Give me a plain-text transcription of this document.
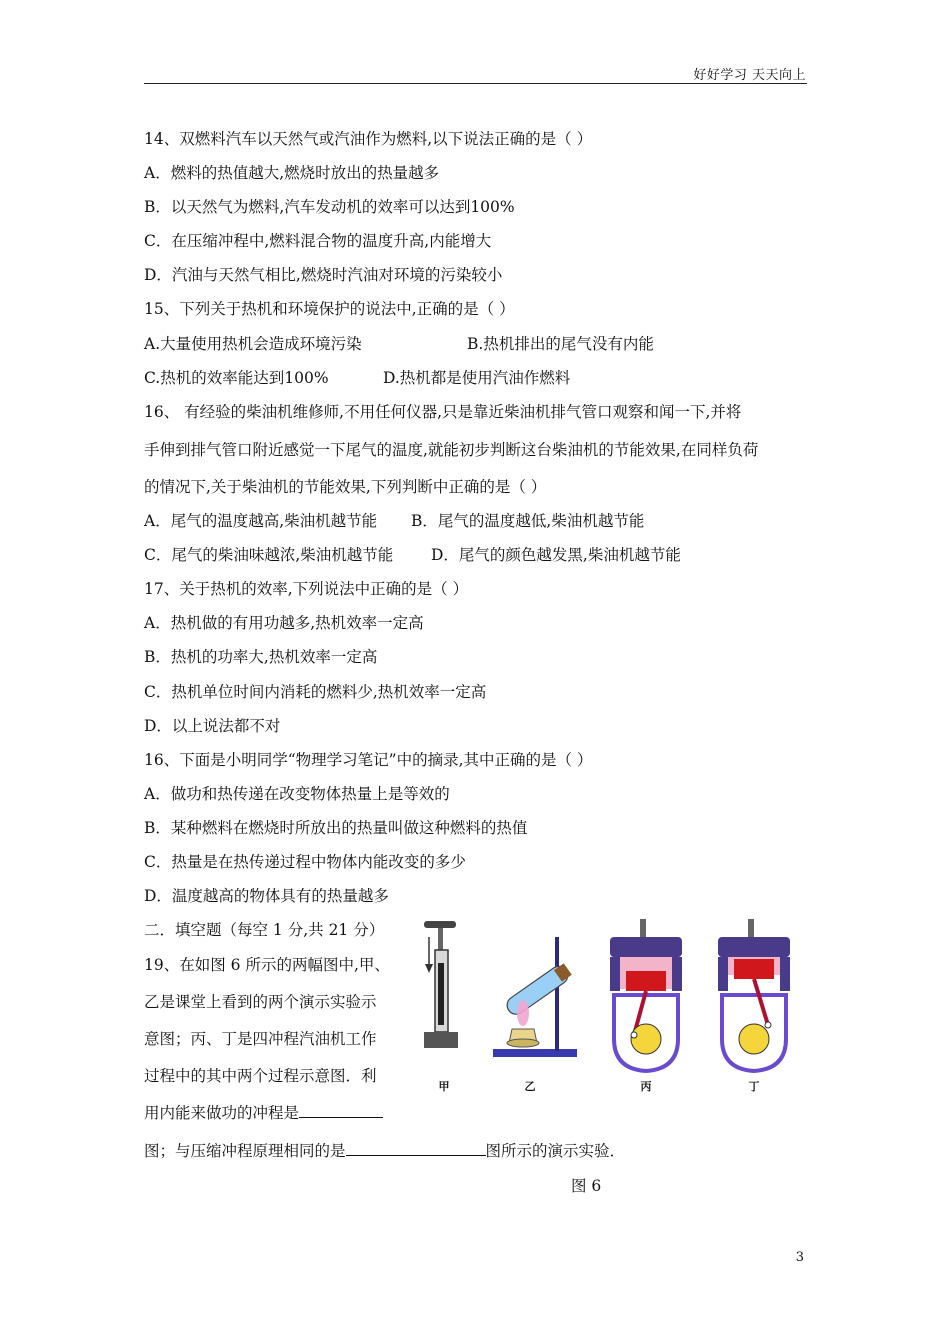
好好学习 天天向上
14、双燃料汽车以天然气或汽油作为燃料,以下说法正确的是（ ）
A．燃料的热值越大,燃烧时放出的热量越多
B．以天然气为燃料,汽车发动机的效率可以达到100%
C．在压缩冲程中,燃料混合物的温度升高,内能增大
D．汽油与天然气相比,燃烧时汽油对环境的污染较小
15、下列关于热机和环境保护的说法中,正确的是（ ）
A.大量使用热机会造成环境污染	B.热机排出的尾气没有内能
C.热机的效率能达到100%	D.热机都是使用汽油作燃料
16、 有经验的柴油机维修师,不用任何仪器,只是靠近柴油机排气管口观察和闻一下,并将
手伸到排气管口附近感觉一下尾气的温度,就能初步判断这台柴油机的节能效果,在同样负荷
的情况下,关于柴油机的节能效果,下列判断中正确的是（ ）
A．尾气的温度越高,柴油机越节能 B．尾气的温度越低,柴油机越节能
C．尾气的柴油味越浓,柴油机越节能 D．尾气的颜色越发黑,柴油机越节能
17、关于热机的效率,下列说法中正确的是（ ）
A．热机做的有用功越多,热机效率一定高
B．热机的功率大,热机效率一定高
C．热机单位时间内消耗的燃料少,热机效率一定高
D．以上说法都不对
16、下面是小明同学“物理学习笔记”中的摘录,其中正确的是（ ）
A．做功和热传递在改变物体热量上是等效的
B．某种燃料在燃烧时所放出的热量叫做这种燃料的热值
C．热量是在热传递过程中物体内能改变的多少
D．温度越高的物体具有的热量越多
二．填空题（每空 1 分,共 21 分）
19、在如图 6 所示的两幅图中,甲、
乙是课堂上看到的两个演示实验示
意图；丙、丁是四冲程汽油机工作
过程中的其中两个过程示意图．利
用内能来做功的冲程是
图；与压缩冲程原理相同的是	图所示的演示实验．
甲	乙	丙	丁
图 6
3
